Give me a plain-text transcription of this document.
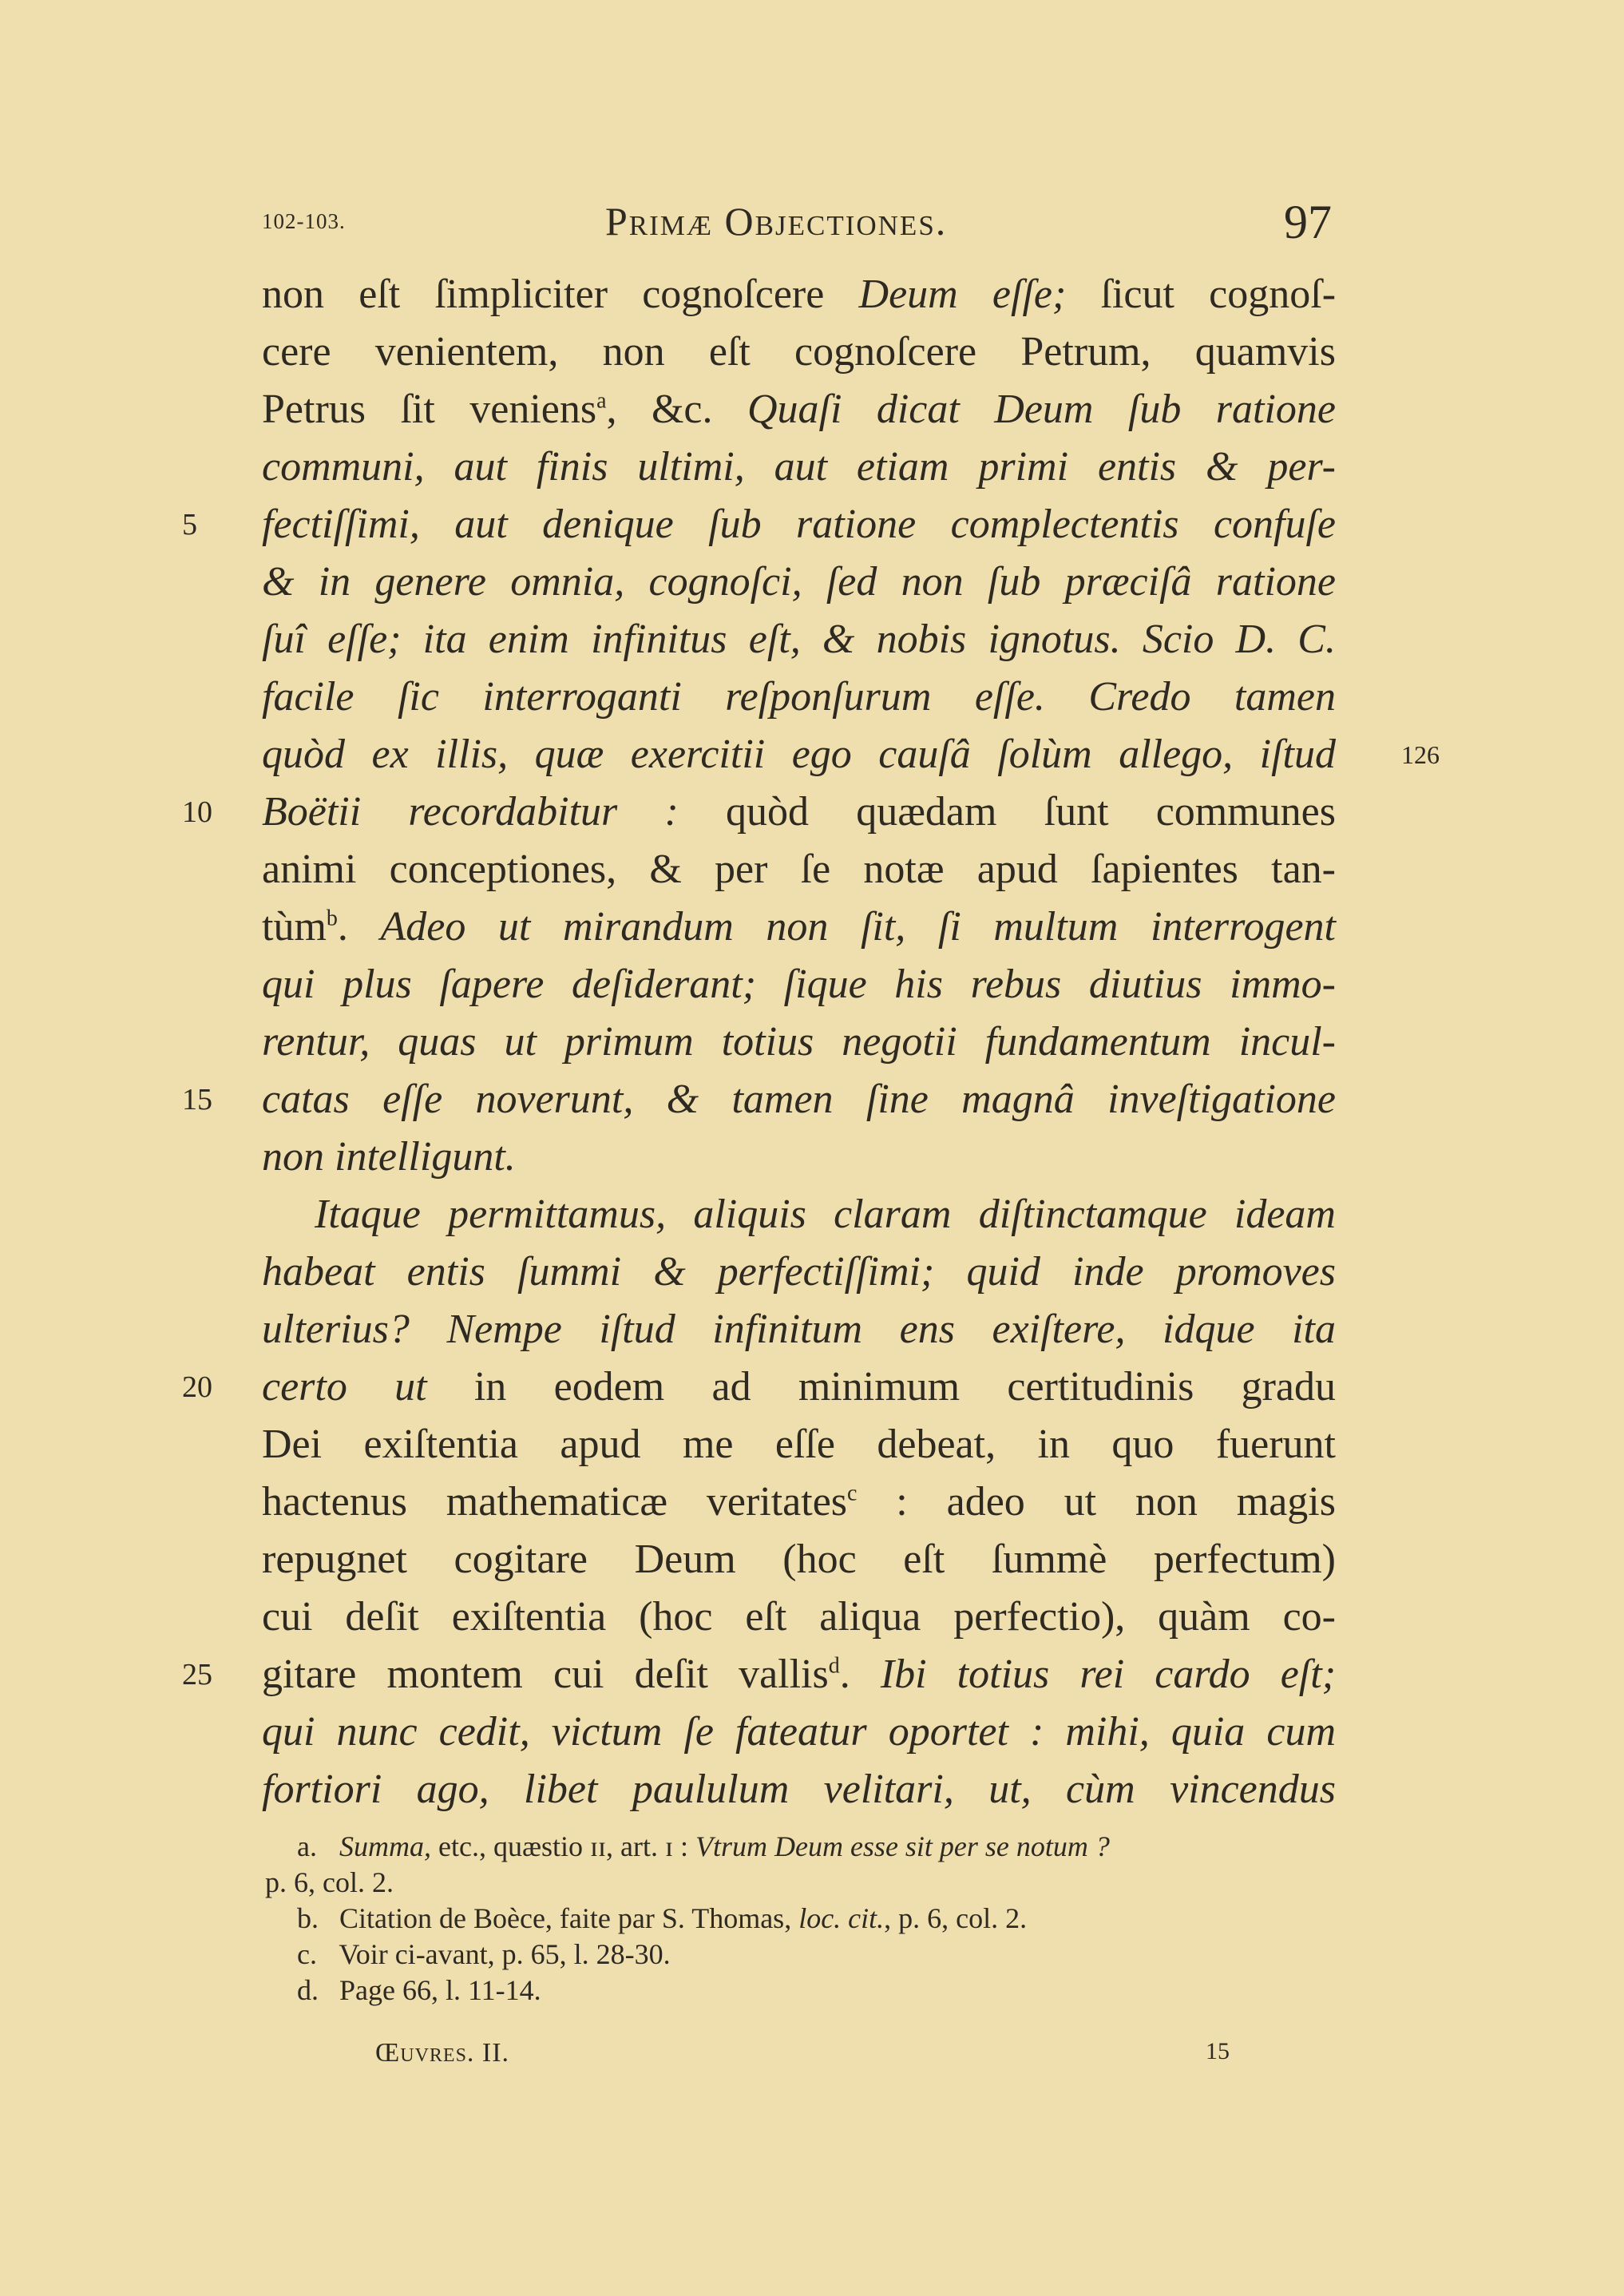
102-103.	Primæ Objectiones.	97
non eſt ſimpliciter cognoſcere Deum eſſe; ſicut cognoſ-
cere venientem, non eſt cognoſcere Petrum, quamvis
Petrus ſit veniens$^a$, &c. Quaſi dicat Deum ſub ratione
communi, aut finis ultimi, aut etiam primi entis & per-
5	fectiſſimi, aut denique ſub ratione complectentis confuſe
& in genere omnia, cognoſci, ſed non ſub præciſâ ratione
ſuî eſſe; ita enim infinitus eſt, & nobis ignotus. Scio D. C.
facile ſic interroganti reſponſurum eſſe. Credo tamen
126
quòd ex illis, quæ exercitii ego cauſâ ſolùm allego, iſtud
10	Boëtii recordabitur : quòd quædam ſunt communes
animi conceptiones, & per ſe notæ apud ſapientes tan-
tùm$^b$. Adeo ut mirandum non ſit, ſi multum interrogent
qui plus ſapere deſiderant; ſique his rebus diutius immo-
rentur, quas ut primum totius negotii fundamentum incul-
15	catas eſſe noverunt, & tamen ſine magnâ inveſtigatione
non intelligunt.
Itaque permittamus, aliquis claram diſtinctamque ideam
habeat entis ſummi & perfectiſſimi; quid inde promoves
ulterius? Nempe iſtud infinitum ens exiſtere, idque ita
20	certo ut in eodem ad minimum certitudinis gradu
Dei exiſtentia apud me eſſe debeat, in quo fuerunt
hactenus mathematicæ veritates$^c$ : adeo ut non magis
repugnet cogitare Deum (hoc eſt ſummè perfectum)
cui deſit exiſtentia (hoc eſt aliqua perfectio), quàm co-
25	gitare montem cui deſit vallis$^d$. Ibi totius rei cardo eſt;
qui nunc cedit, victum ſe fateatur oportet : mihi, quia cum
fortiori ago, libet paululum velitari, ut, cùm vincendus
a. Summa, etc., quæstio ɪɪ, art. ɪ : Vtrum Deum esse sit per se notum ?
p. 6, col. 2.
b. Citation de Boèce, faite par S. Thomas, loc. cit., p. 6, col. 2.
c. Voir ci-avant, p. 65, l. 28-30.
d. Page 66, l. 11-14.
Œuvres. II.	15
